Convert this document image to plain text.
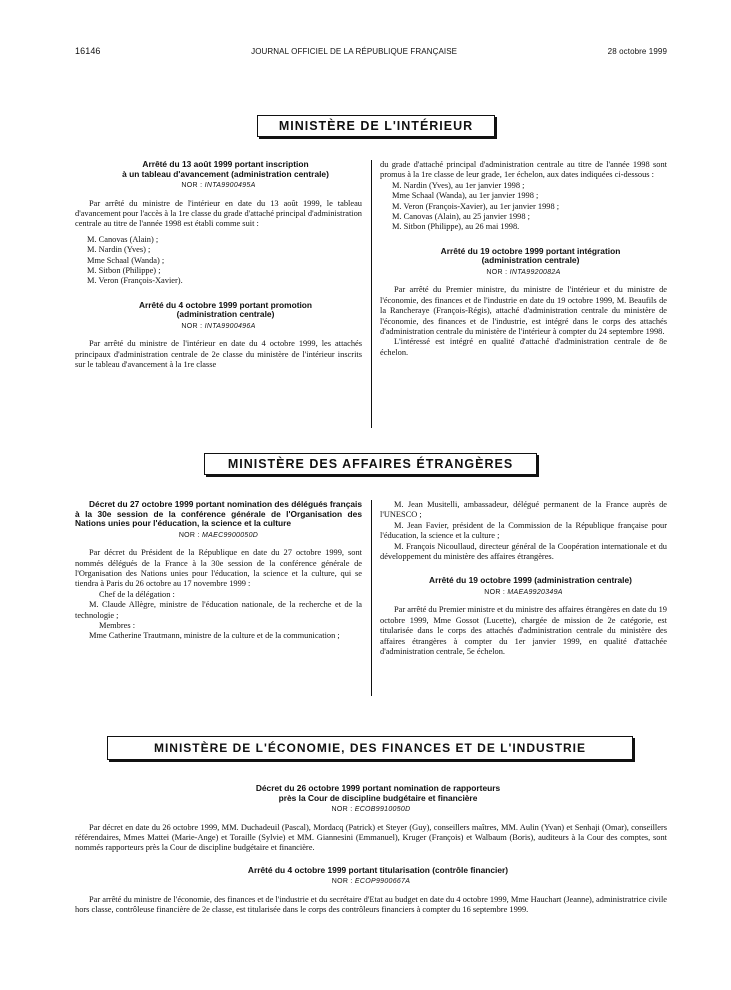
16146	JOURNAL OFFICIEL DE LA RÉPUBLIQUE FRANÇAISE	28 octobre 1999
MINISTÈRE DE L'INTÉRIEUR

Arrêté du 13 août 1999 portant inscription

à un tableau d'avancement (administration centrale)

NOR : INTA9900495A

Par arrêté du ministre de l'intérieur en date du 13 août 1999, le tableau d'avancement pour l'accès à la 1re classe du grade d'attaché principal d'administration centrale au titre de l'année 1998 est établi comme suit :

M. Canovas (Alain) ;

M. Nardin (Yves) ;

Mme Schaal (Wanda) ;

M. Sitbon (Philippe) ;

M. Veron (François-Xavier).

Arrêté du 4 octobre 1999 portant promotion

(administration centrale)

NOR : INTA9900496A

Par arrêté du ministre de l'intérieur en date du 4 octobre 1999, les attachés principaux d'administration centrale de 2e classe du ministère de l'intérieur inscrits sur le tableau d'avancement à la 1re classe

du grade d'attaché principal d'administration centrale au titre de l'année 1998 sont promus à la 1re classe de leur grade, 1er échelon, aux dates indiquées ci-dessous :

M. Nardin (Yves), au 1er janvier 1998 ;

Mme Schaal (Wanda), au 1er janvier 1998 ;

M. Veron (François-Xavier), au 1er janvier 1998 ;

M. Canovas (Alain), au 25 janvier 1998 ;

M. Sitbon (Philippe), au 26 mai 1998.

Arrêté du 19 octobre 1999 portant intégration

(administration centrale)

NOR : INTA9920082A

Par arrêté du Premier ministre, du ministre de l'intérieur et du ministre de l'économie, des finances et de l'industrie en date du 19 octobre 1999, M. Beaufils de la Rancheraye (François-Régis), attaché d'administration centrale du ministère de l'économie, des finances et de l'industrie, est intégré dans le corps des attachés d'administration centrale du ministère de l'intérieur à compter du 24 septembre 1998.

L'intéressé est intégré en qualité d'attaché d'administration centrale de 8e échelon.

MINISTÈRE DES AFFAIRES ÉTRANGÈRES

Décret du 27 octobre 1999 portant nomination des délégués français à la 30e session de la conférence générale de l'Organisation des Nations unies pour l'éducation, la science et la culture

NOR : MAEC9900050D

Par décret du Président de la République en date du 27 octobre 1999, sont nommés délégués de la France à la 30e session de la conférence générale de l'Organisation des Nations unies pour l'éducation, la science et la culture, qui se tiendra à Paris du 26 octobre au 17 novembre 1999 :

Chef de la délégation :

M. Claude Allègre, ministre de l'éducation nationale, de la recherche et de la technologie ;

Membres :

Mme Catherine Trautmann, ministre de la culture et de la communication ;

M. Jean Musitelli, ambassadeur, délégué permanent de la France auprès de l'UNESCO ;

M. Jean Favier, président de la Commission de la République française pour l'éducation, la science et la culture ;

M. François Nicoullaud, directeur général de la Coopération internationale et du développement du ministère des affaires étrangères.

Arrêté du 19 octobre 1999 (administration centrale)

NOR : MAEA9920349A

Par arrêté du Premier ministre et du ministre des affaires étrangères en date du 19 octobre 1999, Mme Gossot (Lucette), chargée de mission de 2e catégorie, est titularisée dans le corps des attachés d'administration centrale du ministère des affaires étrangères à compter du 1er janvier 1999, en qualité d'attachée d'administration centrale, 5e échelon.

MINISTÈRE DE L'ÉCONOMIE, DES FINANCES ET DE L'INDUSTRIE

Décret du 26 octobre 1999 portant nomination de rapporteurs

près la Cour de discipline budgétaire et financière

NOR : ECOB9910050D

Par décret en date du 26 octobre 1999, MM. Duchadeuil (Pascal), Mordacq (Patrick) et Steyer (Guy), conseillers maîtres, MM. Aulin (Yvan) et Senhaji (Omar), conseillers référendaires, Mmes Mattei (Marie-Ange) et Toraille (Sylvie) et MM. Giannesini (Emmanuel), Kruger (François) et Walbaum (Boris), auditeurs à la Cour des comptes, sont nommés rapporteurs près la Cour de discipline budgétaire et financière.

Arrêté du 4 octobre 1999 portant titularisation (contrôle financier)

NOR : ECOP9900667A

Par arrêté du ministre de l'économie, des finances et de l'industrie et du secrétaire d'Etat au budget en date du 4 octobre 1999, Mme Hauchart (Jeanne), administratrice civile hors classe, contrôleuse financière de 2e classe, est titularisée dans le corps des contrôleurs financiers à compter du 16 septembre 1999.
